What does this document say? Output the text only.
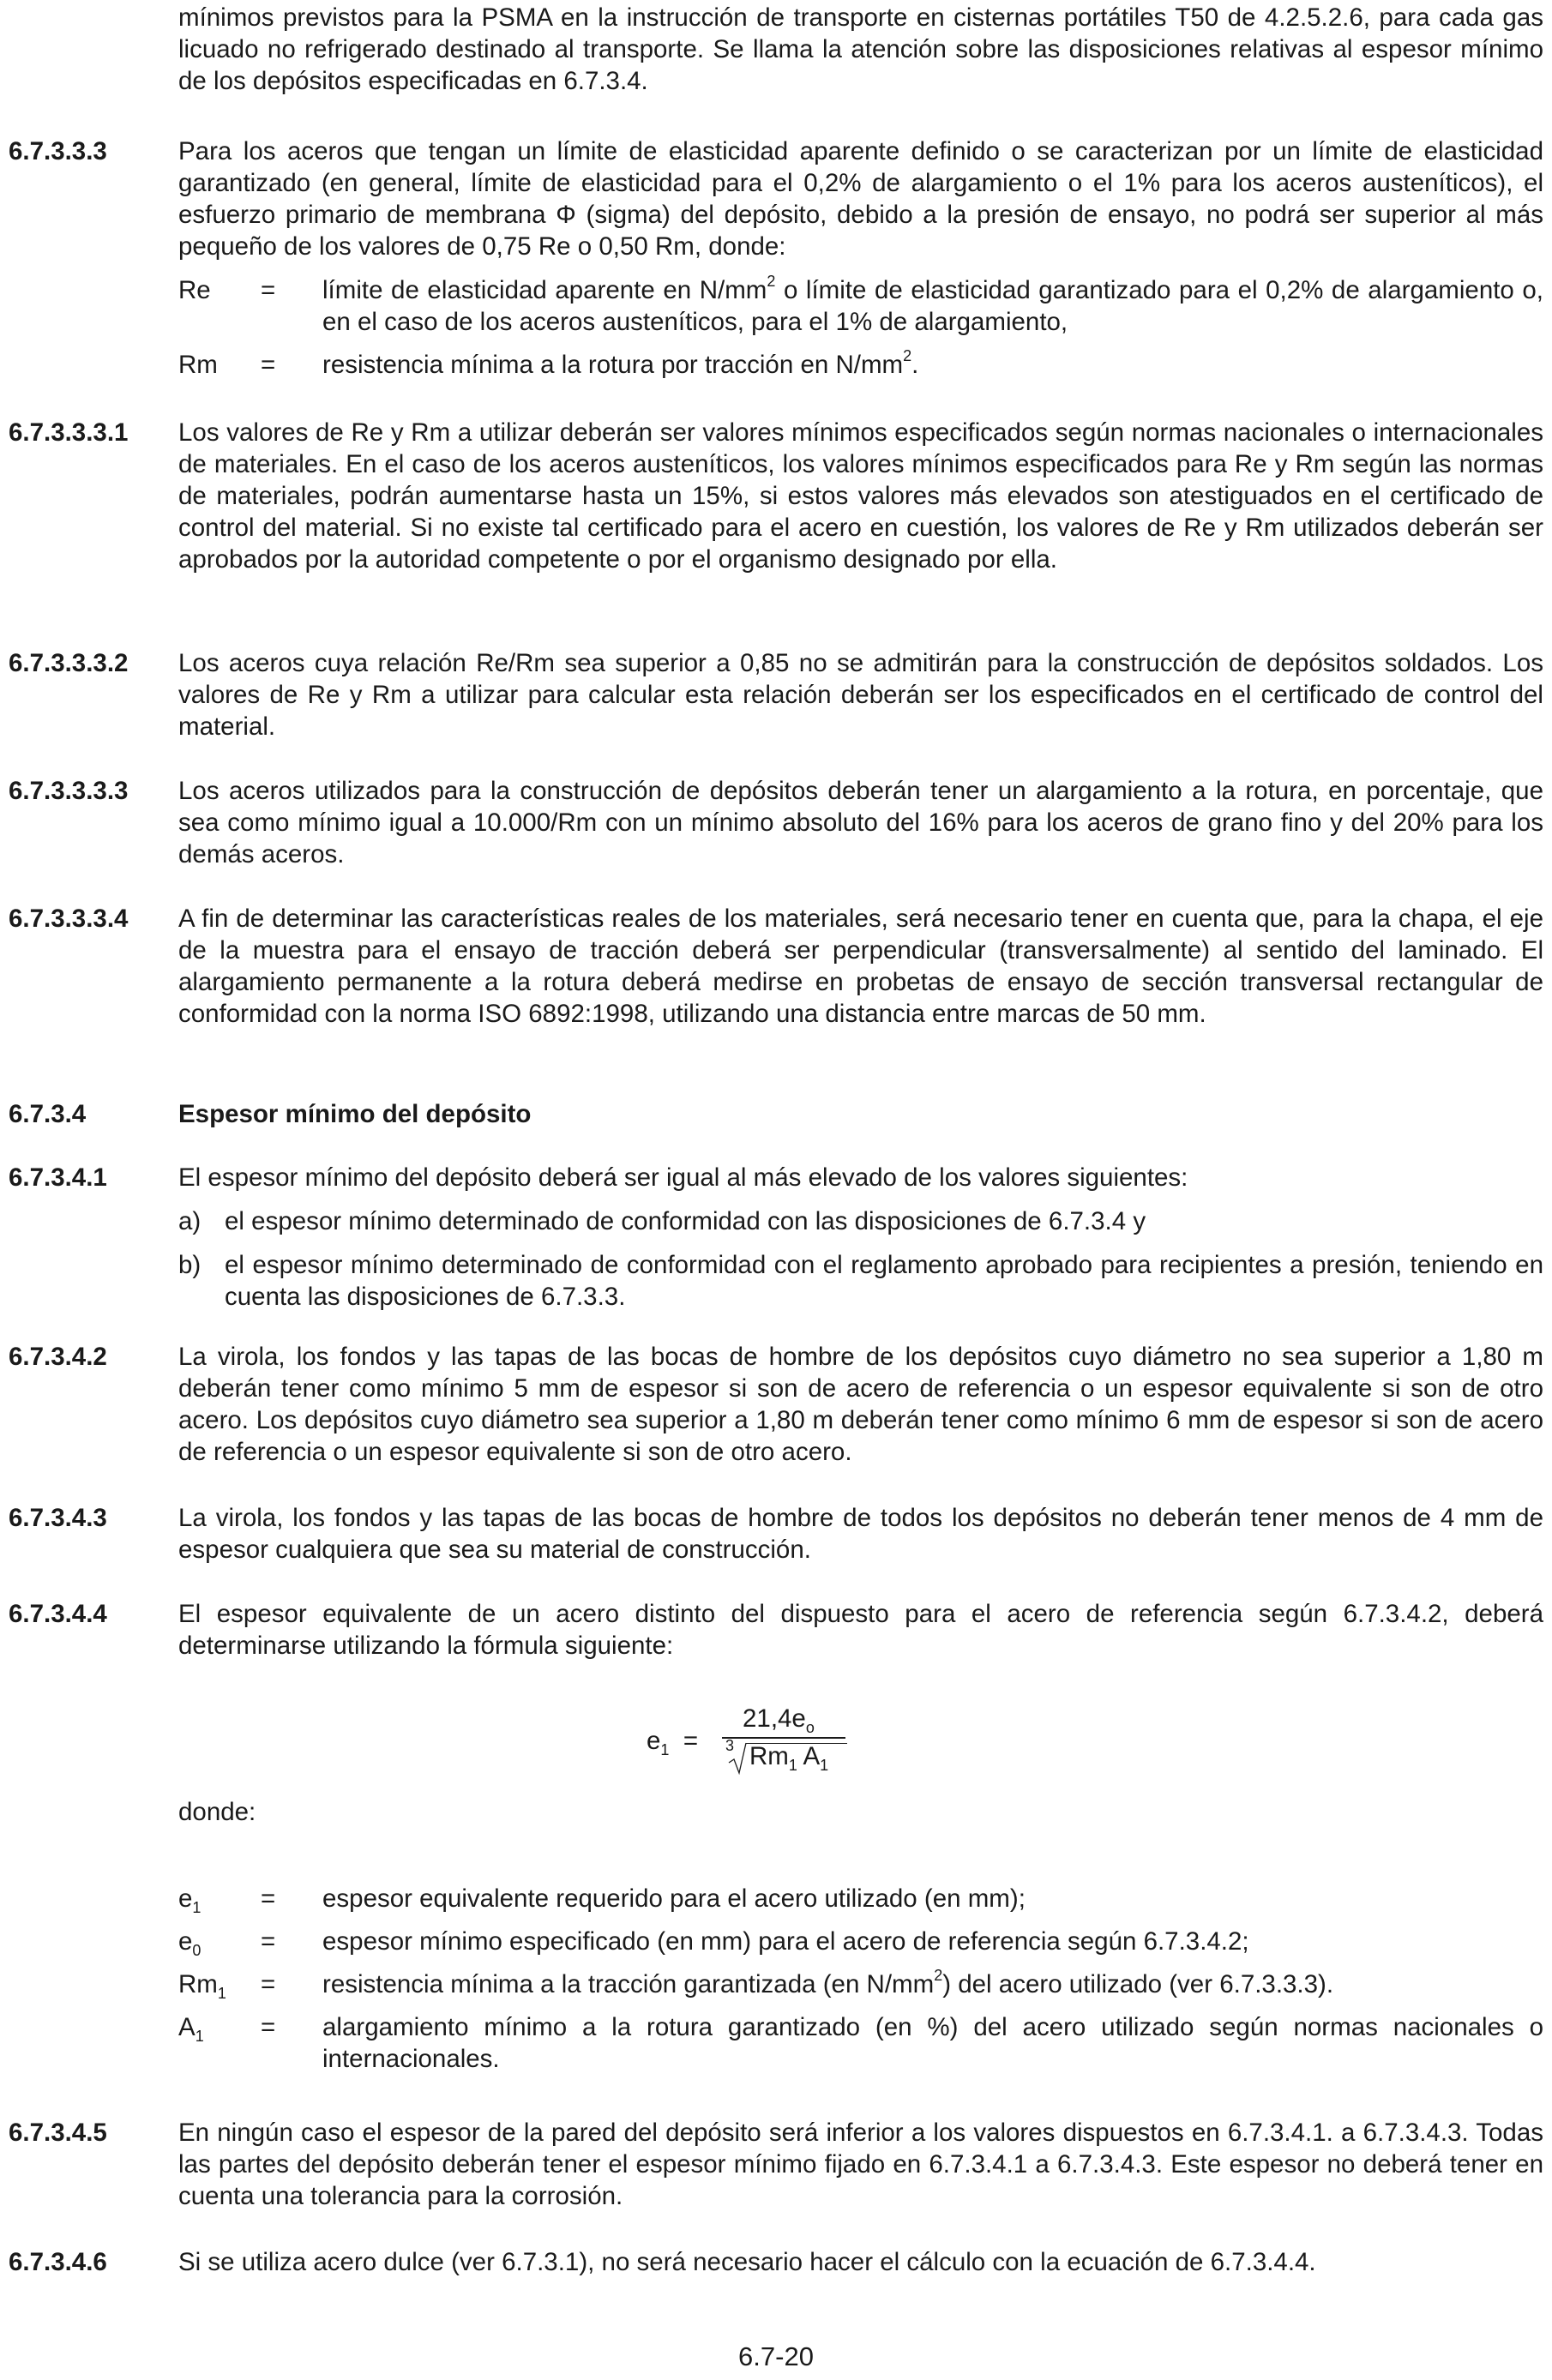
mínimos previstos para la PSMA en la instrucción de transporte en cisternas portátiles T50 de 4.2.5.2.6, para cada gas licuado no refrigerado destinado al transporte. Se llama la atención sobre las disposiciones relativas al espesor mínimo de los depósitos especificadas en 6.7.3.4.
6.7.3.3.3	Para los aceros que tengan un límite de elasticidad aparente definido o se caracterizan por un límite de elasticidad garantizado (en general, límite de elasticidad para el 0,2% de alargamiento o el 1% para los aceros austeníticos), el esfuerzo primario de membrana Φ (sigma) del depósito, debido a la presión de ensayo, no podrá ser superior al más pequeño de los valores de 0,75 Re o 0,50 Rm, donde:
Re	=	límite de elasticidad aparente en $N/mm^2$ o límite de elasticidad garantizado para el 0,2% de alargamiento o, en el caso de los aceros austeníticos, para el 1% de alargamiento,
Rm	=	resistencia mínima a la rotura por tracción en $N/mm^2$.
6.7.3.3.3.1 Los valores de Re y Rm a utilizar deberán ser valores mínimos especificados según normas nacionales o internacionales de materiales. En el caso de los aceros austeníticos, los valores mínimos especificados para Re y Rm según las normas de materiales, podrán aumentarse hasta un 15%, si estos valores más elevados son atestiguados en el certificado de control del material. Si no existe tal certificado para el acero en cuestión, los valores de Re y Rm utilizados deberán ser aprobados por la autoridad competente o por el organismo designado por ella.
6.7.3.3.3.2 Los aceros cuya relación Re/Rm sea superior a 0,85 no se admitirán para la construcción de depósitos soldados. Los valores de Re y Rm a utilizar para calcular esta relación deberán ser los especificados en el certificado de control del material.
6.7.3.3.3.3 Los aceros utilizados para la construcción de depósitos deberán tener un alargamiento a la rotura, en porcentaje, que sea como mínimo igual a 10.000/Rm con un mínimo absoluto del 16% para los aceros de grano fino y del 20% para los demás aceros.
6.7.3.3.3.4 A fin de determinar las características reales de los materiales, será necesario tener en cuenta que, para la chapa, el eje de la muestra para el ensayo de tracción deberá ser perpendicular (transversalmente) al sentido del laminado. El alargamiento permanente a la rotura deberá medirse en probetas de ensayo de sección transversal rectangular de conformidad con la norma ISO 6892:1998, utilizando una distancia entre marcas de 50 mm.
6.7.3.4	Espesor mínimo del depósito
6.7.3.4.1	El espesor mínimo del depósito deberá ser igual al más elevado de los valores siguientes:
a) el espesor mínimo determinado de conformidad con las disposiciones de 6.7.3.4 y
b) el espesor mínimo determinado de conformidad con el reglamento aprobado para recipientes a presión, teniendo en cuenta las disposiciones de 6.7.3.3.
6.7.3.4.2	La virola, los fondos y las tapas de las bocas de hombre de los depósitos cuyo diámetro no sea superior a 1,80 m deberán tener como mínimo 5 mm de espesor si son de acero de referencia o un espesor equivalente si son de otro acero. Los depósitos cuyo diámetro sea superior a 1,80 m deberán tener como mínimo 6 mm de espesor si son de acero de referencia o un espesor equivalente si son de otro acero.
6.7.3.4.3	La virola, los fondos y las tapas de las bocas de hombre de todos los depósitos no deberán tener menos de 4 mm de espesor cualquiera que sea su material de construcción.
6.7.3.4.4	El espesor equivalente de un acero distinto del dispuesto para el acero de referencia según 6.7.3.4.2, deberá determinarse utilizando la fórmula siguiente:
$e_1$ =
$21,4e_o$
3 $Rm_1$ $A_1$
donde:
$e_1$	=	espesor equivalente requerido para el acero utilizado (en mm);
$e_0$	=	espesor mínimo especificado (en mm) para el acero de referencia según 6.7.3.4.2;
$Rm_1$	=	resistencia mínima a la tracción garantizada (en $N/mm^2$) del acero utilizado (ver 6.7.3.3.3).
$A_1$	=	alargamiento mínimo a la rotura garantizado (en %) del acero utilizado según normas nacionales o internacionales.
6.7.3.4.5	En ningún caso el espesor de la pared del depósito será inferior a los valores dispuestos en 6.7.3.4.1. a 6.7.3.4.3. Todas las partes del depósito deberán tener el espesor mínimo fijado en 6.7.3.4.1 a 6.7.3.4.3. Este espesor no deberá tener en cuenta una tolerancia para la corrosión.
6.7.3.4.6	Si se utiliza acero dulce (ver 6.7.3.1), no será necesario hacer el cálculo con la ecuación de 6.7.3.4.4.
6.7-20
